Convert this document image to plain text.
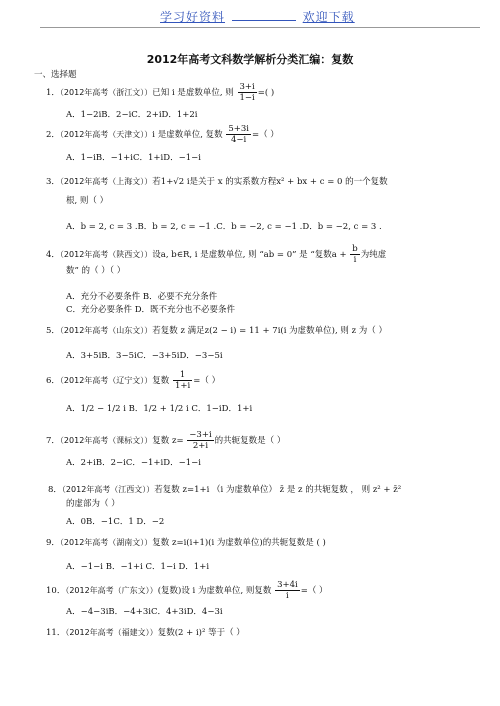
学习好资料	欢迎下载
2012年高考文科数学解析分类汇编：复数
一、选择题
1．（2012年高考（浙江文））已知 i 是虚数单位, 则 $\frac{3+i}{1-i}$ =( )
A．1−2iB．2−iC．2+iD．1+2i
2．（2012年高考（天津文））i 是虚数单位, 复数 $\frac{5+3i}{4-i}$ =（ ）
A．1−iB．−1+iC．1+iD．−1−i
3．（2012年高考（上海文））若1+√2 i是关于 x 的实系数方程x² + bx + c = 0 的一个复数
根, 则（ ）
A．b = 2, c = 3 .B．b = 2, c = −1 .C．b = −2, c = −1 .D．b = −2, c = 3 .
4．（2012年高考（陕西文））设a, b∈R, i 是虚数单位, 则 “ab = 0” 是 “复数$a + \frac{b}{i}$ 为纯虚
数” 的（ ）（ ）
A．充分不必要条件 B．必要不充分条件
C．充分必要条件 D．既不充分也不必要条件
5．（2012年高考（山东文））若复数 z 满足z(2 − i) = 11 + 7i(i 为虚数单位), 则 z 为（ ）
A．3+5iB．3−5iC．−3+5iD．−3−5i
6．（2012年高考（辽宁文））复数 $\frac{1}{1+i}$ =（ ）
A．1/2 − 1/2 i B．1/2 + 1/2 i C．1−iD．1+i
7．（2012年高考（课标文））复数 $z= \frac{-3+i}{2+i}$ 的共轭复数是（ ）
A．2+iB．2−iC．−1+iD．−1−i
8．（2012年高考（江西文））若复数 z=1+i （i 为虚数单位） z̄ 是 z 的共轭复数 ， 则 z² + z̄²
的虚部为（ ）
A．0B．−1C．1 D．−2
9．（2012年高考（湖南文））复数 z=i(i+1)(i 为虚数单位)的共轭复数是 ( )
A．−1−i B．−1+i C．1−i D．1+i
10．（2012年高考（广东文））(复数)设 i 为虚数单位, 则复数 $\frac{3+4i}{i}$ =（ ）
A．−4−3iB．−4+3iC．4+3iD．4−3i
11．（2012年高考（福建文））复数(2 + i)² 等于（ ）
